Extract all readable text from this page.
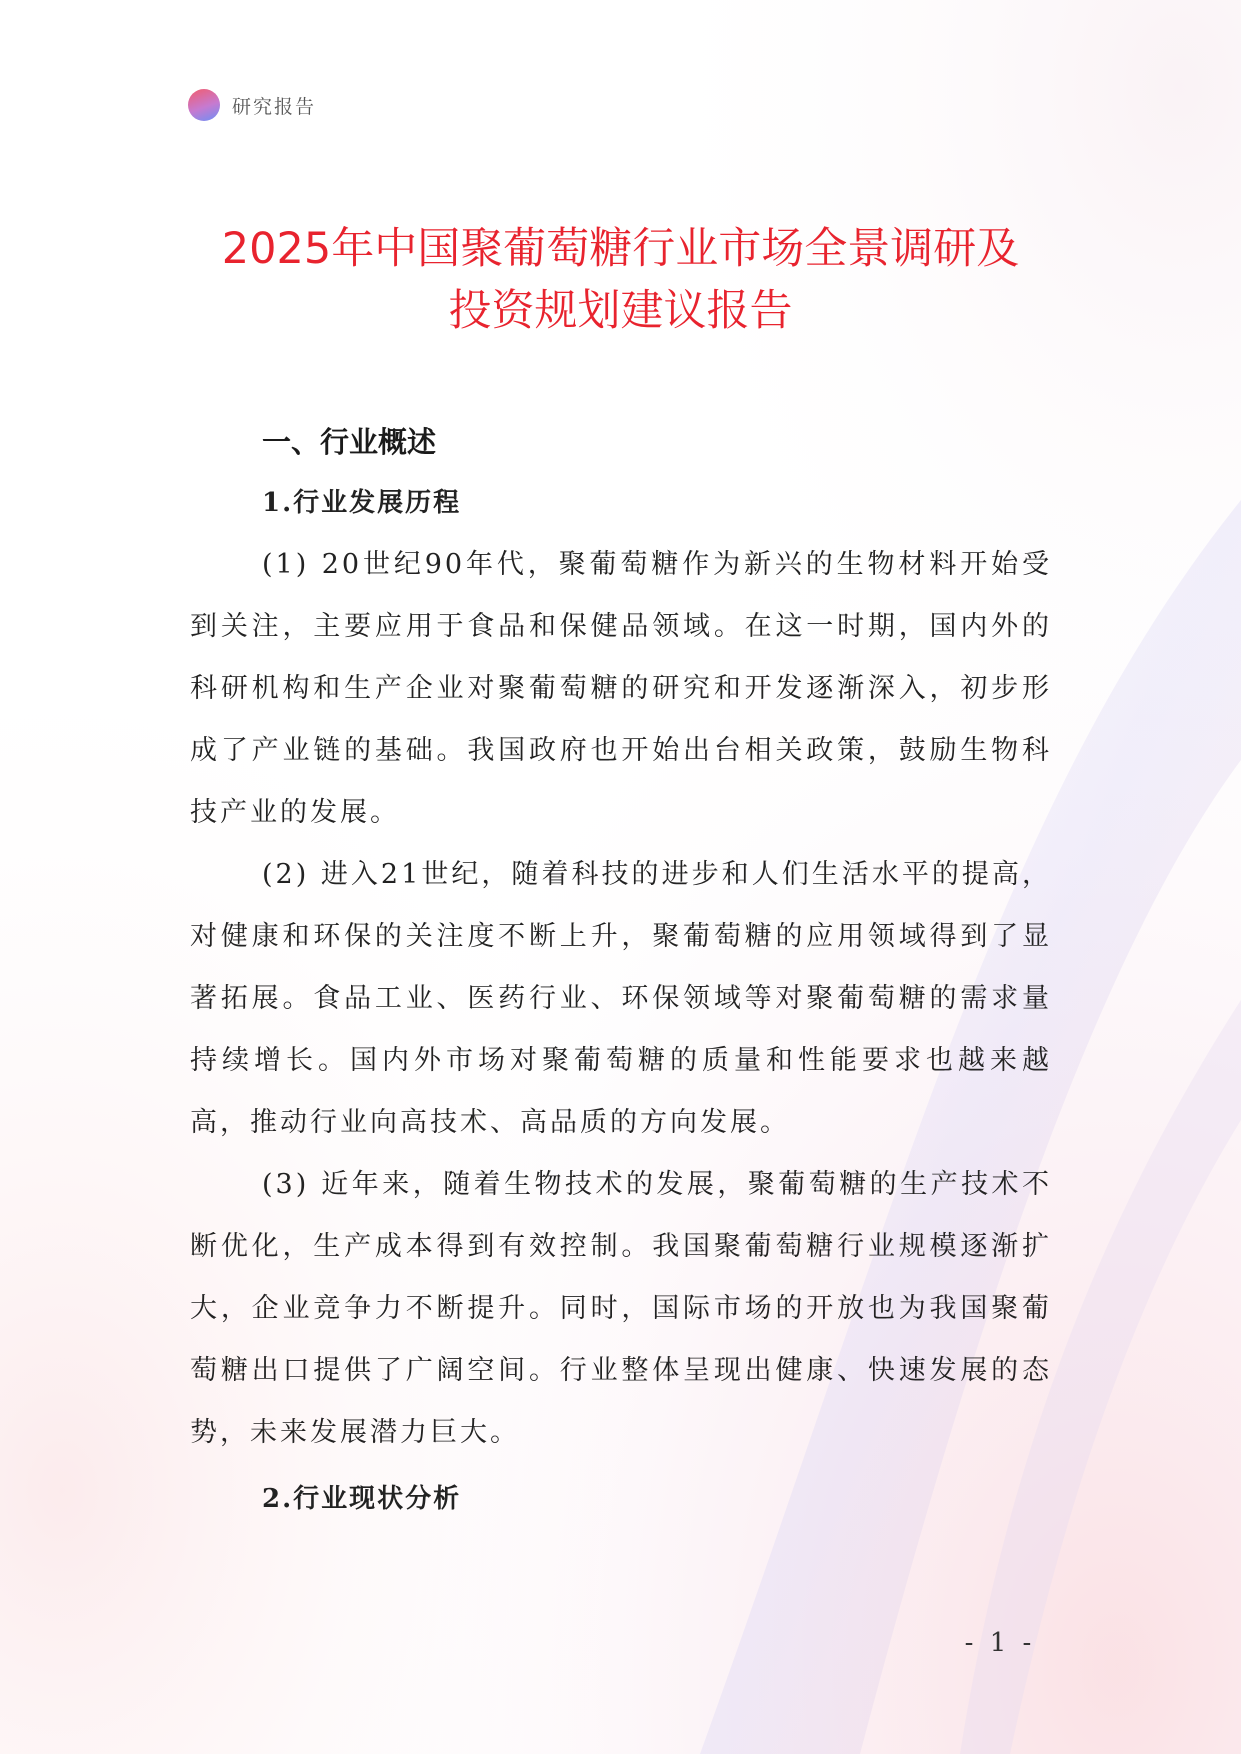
研究报告
2025年中国聚葡萄糖行业市场全景调研及
投资规划建议报告
一、行业概述
1.行业发展历程

(1) 20世纪90年代，聚葡萄糖作为新兴的生物材料开始受到关注，主要应用于食品和保健品领域。在这一时期，国内外的科研机构和生产企业对聚葡萄糖的研究和开发逐渐深入，初步形成了产业链的基础。我国政府也开始出台相关政策，鼓励生物科技产业的发展。

(2) 进入21世纪，随着科技的进步和人们生活水平的提高，对健康和环保的关注度不断上升，聚葡萄糖的应用领域得到了显著拓展。食品工业、医药行业、环保领域等对聚葡萄糖的需求量持续增长。国内外市场对聚葡萄糖的质量和性能要求也越来越高，推动行业向高技术、高品质的方向发展。

(3) 近年来，随着生物技术的发展，聚葡萄糖的生产技术不断优化，生产成本得到有效控制。我国聚葡萄糖行业规模逐渐扩大，企业竞争力不断提升。同时，国际市场的开放也为我国聚葡萄糖出口提供了广阔空间。行业整体呈现出健康、快速发展的态势，未来发展潜力巨大。

2.行业现状分析
- 1 -
